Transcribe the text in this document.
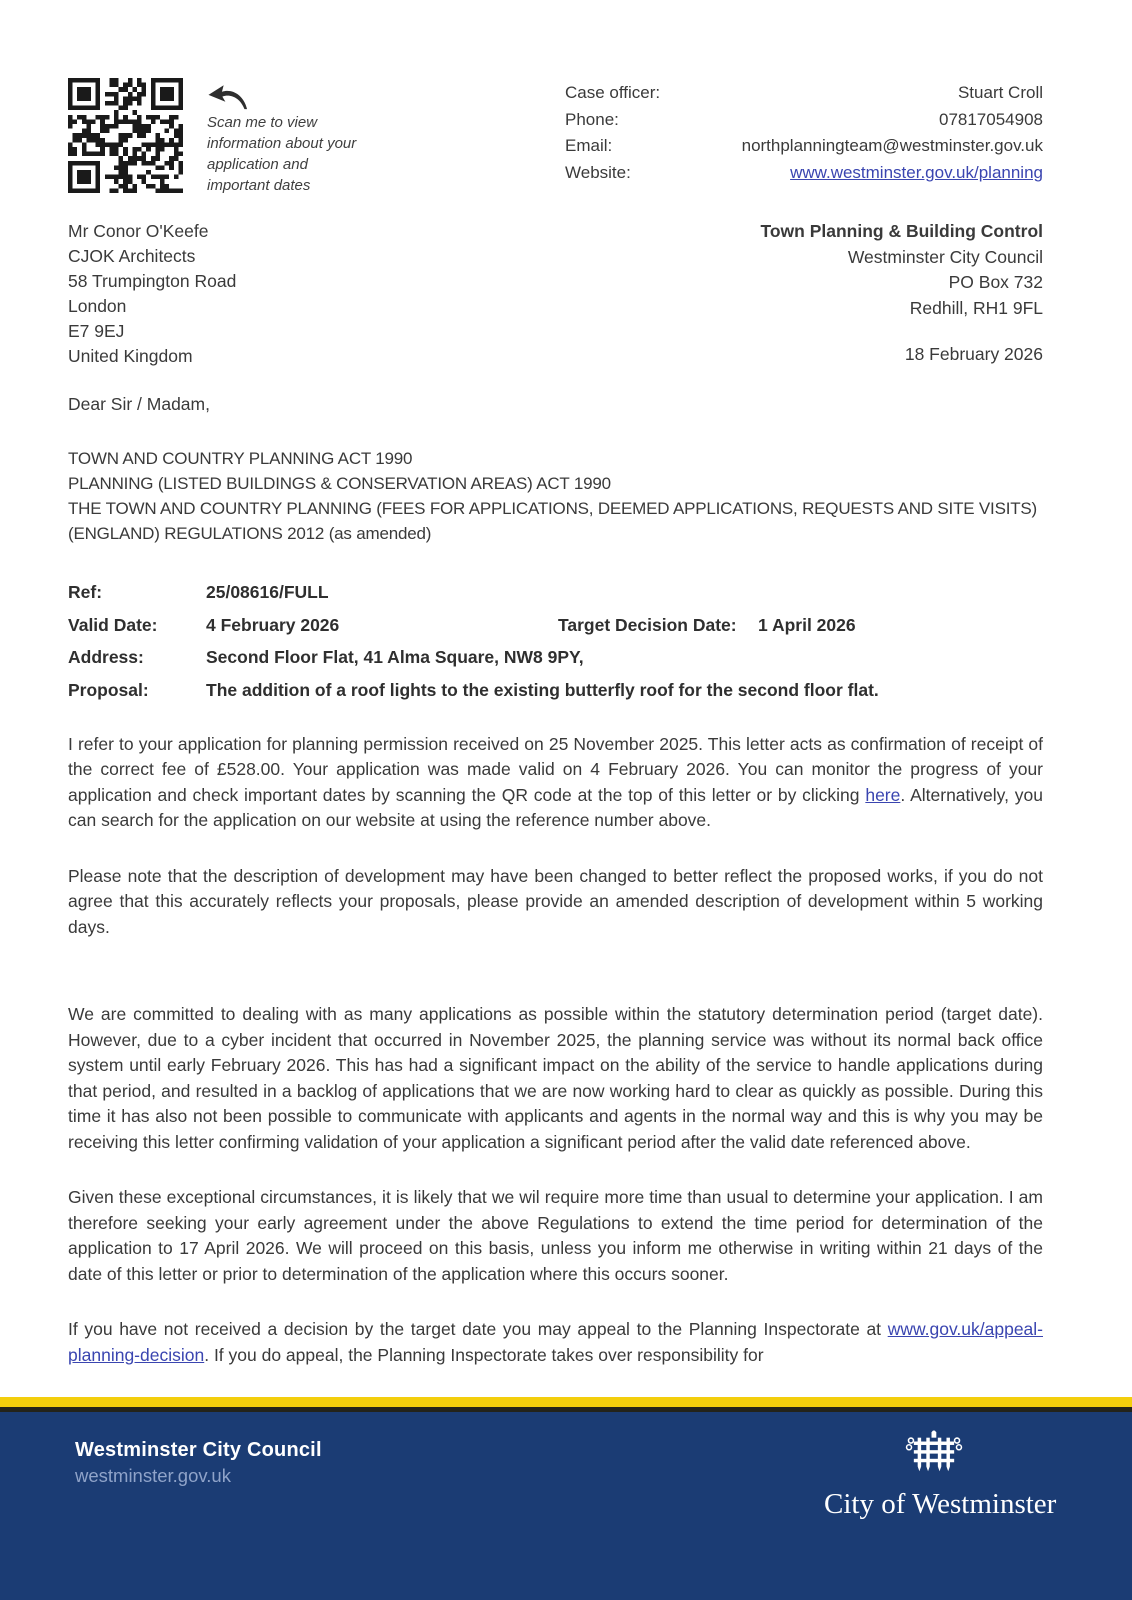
Scan me to view information about your application and important dates
Case officer:	Stuart Croll
Phone:	07817054908
Email:	northplanningteam@westminster.gov.uk
Website:	www.westminster.gov.uk/planning
Mr Conor O'Keefe
CJOK Architects
58 Trumpington Road
London
E7 9EJ
United Kingdom
Town Planning & Building Control
Westminster City Council
PO Box 732
Redhill, RH1 9FL
18 February 2026
Dear Sir / Madam,
TOWN AND COUNTRY PLANNING ACT 1990
PLANNING (LISTED BUILDINGS & CONSERVATION AREAS) ACT 1990
THE TOWN AND COUNTRY PLANNING (FEES FOR APPLICATIONS, DEEMED APPLICATIONS, REQUESTS AND SITE VISITS) (ENGLAND) REGULATIONS 2012 (as amended)
Ref:	25/08616/FULL
Valid Date:	4 February 2026	Target Decision Date:	1 April 2026
Address:	Second Floor Flat, 41 Alma Square, NW8 9PY,
Proposal:	The addition of a roof lights to the existing butterfly roof for the second floor flat.

I refer to your application for planning permission received on 25 November 2025. This letter acts as confirmation of receipt of the correct fee of £528.00. Your application was made valid on 4 February 2026. You can monitor the progress of your application and check important dates by scanning the QR code at the top of this letter or by clicking here. Alternatively, you can search for the application on our website at using the reference number above.

Please note that the description of development may have been changed to better reflect the proposed works, if you do not agree that this accurately reflects your proposals, please provide an amended description of development within 5 working days.

We are committed to dealing with as many applications as possible within the statutory determination period (target date). However, due to a cyber incident that occurred in November 2025, the planning service was without its normal back office system until early February 2026. This has had a significant impact on the ability of the service to handle applications during that period, and resulted in a backlog of applications that we are now working hard to clear as quickly as possible. During this time it has also not been possible to communicate with applicants and agents in the normal way and this is why you may be receiving this letter confirming validation of your application a significant period after the valid date referenced above.

Given these exceptional circumstances, it is likely that we wil require more time than usual to determine your application. I am therefore seeking your early agreement under the above Regulations to extend the time period for determination of the application to 17 April 2026. We will proceed on this basis, unless you inform me otherwise in writing within 21 days of the date of this letter or prior to determination of the application where this occurs sooner.

If you have not received a decision by the target date you may appeal to the Planning Inspectorate at www.gov.uk/appeal-planning-decision. If you do appeal, the Planning Inspectorate takes over responsibility for

Westminster City Council
westminster.gov.uk
City of Westminster
